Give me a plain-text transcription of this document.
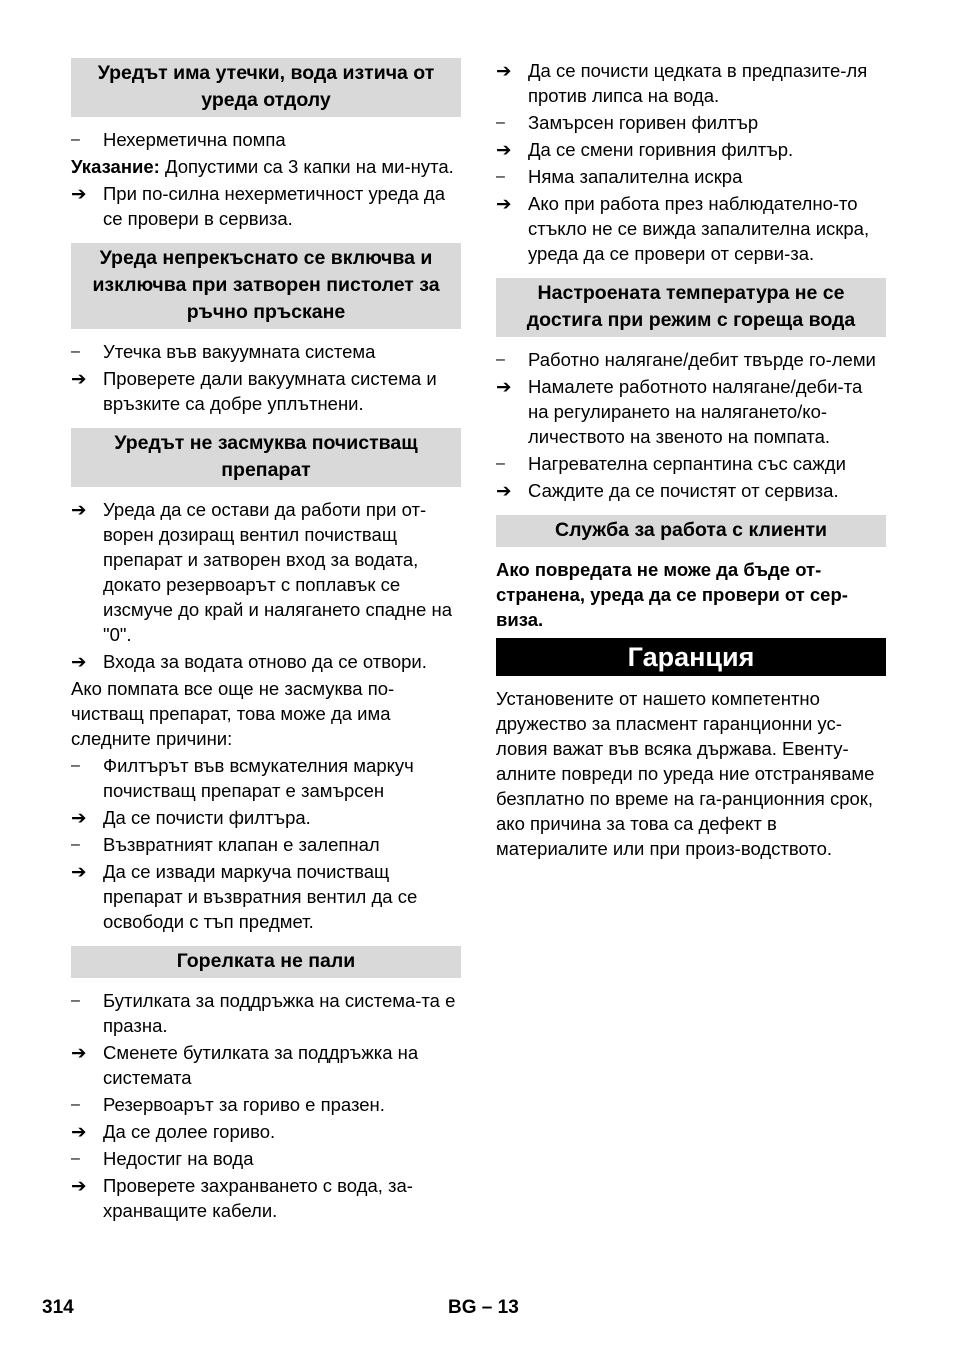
Уредът има утечки, вода изтича от уреда отдолу
–	Нехерметична помпа
Указание: Допустими са 3 капки на ми-нута.
➔ При по-силна нехерметичност уреда да се провери в сервиза.
Уреда непрекъснато се включва и изключва при затворен пистолет за ръчно пръскане
–	Утечка във вакуумната система
➔ Проверете дали вакуумната система и връзките са добре уплътнени.
Уредът не засмуква почистващ препарат
➔ Уреда да се остави да работи при от-ворен дозиращ вентил почистващ препарат и затворен вход за водата, докато резервоарът с поплавък се изсмуче до край и налягането спадне на "0".
➔ Входа за водата отново да се отвори.
Ако помпата все още не засмуква по-чистващ препарат, това може да има следните причини:
–	Филтърът във всмукателния маркуч почистващ препарат е замърсен
➔ Да се почисти филтъра.
–	Възвратният клапан е залепнал
➔ Да се извади маркуча почистващ препарат и възвратния вентил да се освободи с тъп предмет.
Горелката не пали
–	Бутилката за поддръжка на система-та е празна.
➔ Сменете бутилката за поддръжка на системата
–	Резервоарът за гориво е празен.
➔ Да се долее гориво.
–	Недостиг на вода
➔ Проверете захранването с вода, за-хранващите кабели.
➔ Да се почисти цедката в предпазите-ля против липса на вода.
–	Замърсен горивен филтър
➔ Да се смени горивния филтър.
–	Няма запалителна искра
➔ Ако при работа през наблюдателно-то стъкло не се вижда запалителна искра, уреда да се провери от серви-за.
Настроената температура не се достига при режим с гореща вода
–	Работно налягане/дебит твърде го-леми
➔ Намалете работното налягане/деби-та на регулирането на налягането/ко-личеството на звеното на помпата.
–	Нагревателна серпантина със сажди
➔ Саждите да се почистят от сервиза.
Служба за работа с клиенти
Ако повредата не може да бъде от-странена, уреда да се провери от сер-виза.
Гаранция
Установените от нашето компетентно дружество за пласмент гаранционни ус-ловия важат във всяка държава. Евенту-алните повреди по уреда ние отстраняваме безплатно по време на га-ранционния срок, ако причина за това са дефект в материалите или при произ-водството.
314	BG – 13
